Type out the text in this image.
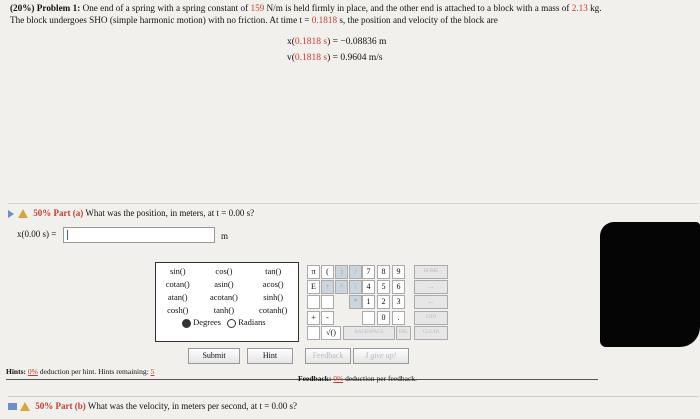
(20%) Problem 1: One end of a spring with a spring constant of 159 N/m is held firmly in place, and the other end is attached to a block with a mass of 2.13 kg.
The block undergoes SHO (simple harmonic motion) with no friction. At time t = 0.1818 s, the position and velocity of the block are
x(0.1818 s) = −0.08836 m
v(0.1818 s) = 0.9604 m/s
50% Part (a) What was the position, in meters, at t = 0.00 s?
x(0.00 s) =	m
sin()	cos()	tan()
cotan()	asin()	acos()
atan()	acotan()	sinh()
cosh()	tanh()	cotanh()
Degrees Radians
π	(	)
E	↑	^	\
*
/
+	-
√()
7	8	9
4	5	6
1	2	3
0	.
BACKSPACE	DEL
HOME
→
←
END
CLEAR
Submit	Hint	Feedback	I give up!
Hints: 0% deduction per hint. Hints remaining: 5
Feedback: 0% deduction per feedback.
50% Part (b) What was the velocity, in meters per second, at t = 0.00 s?
